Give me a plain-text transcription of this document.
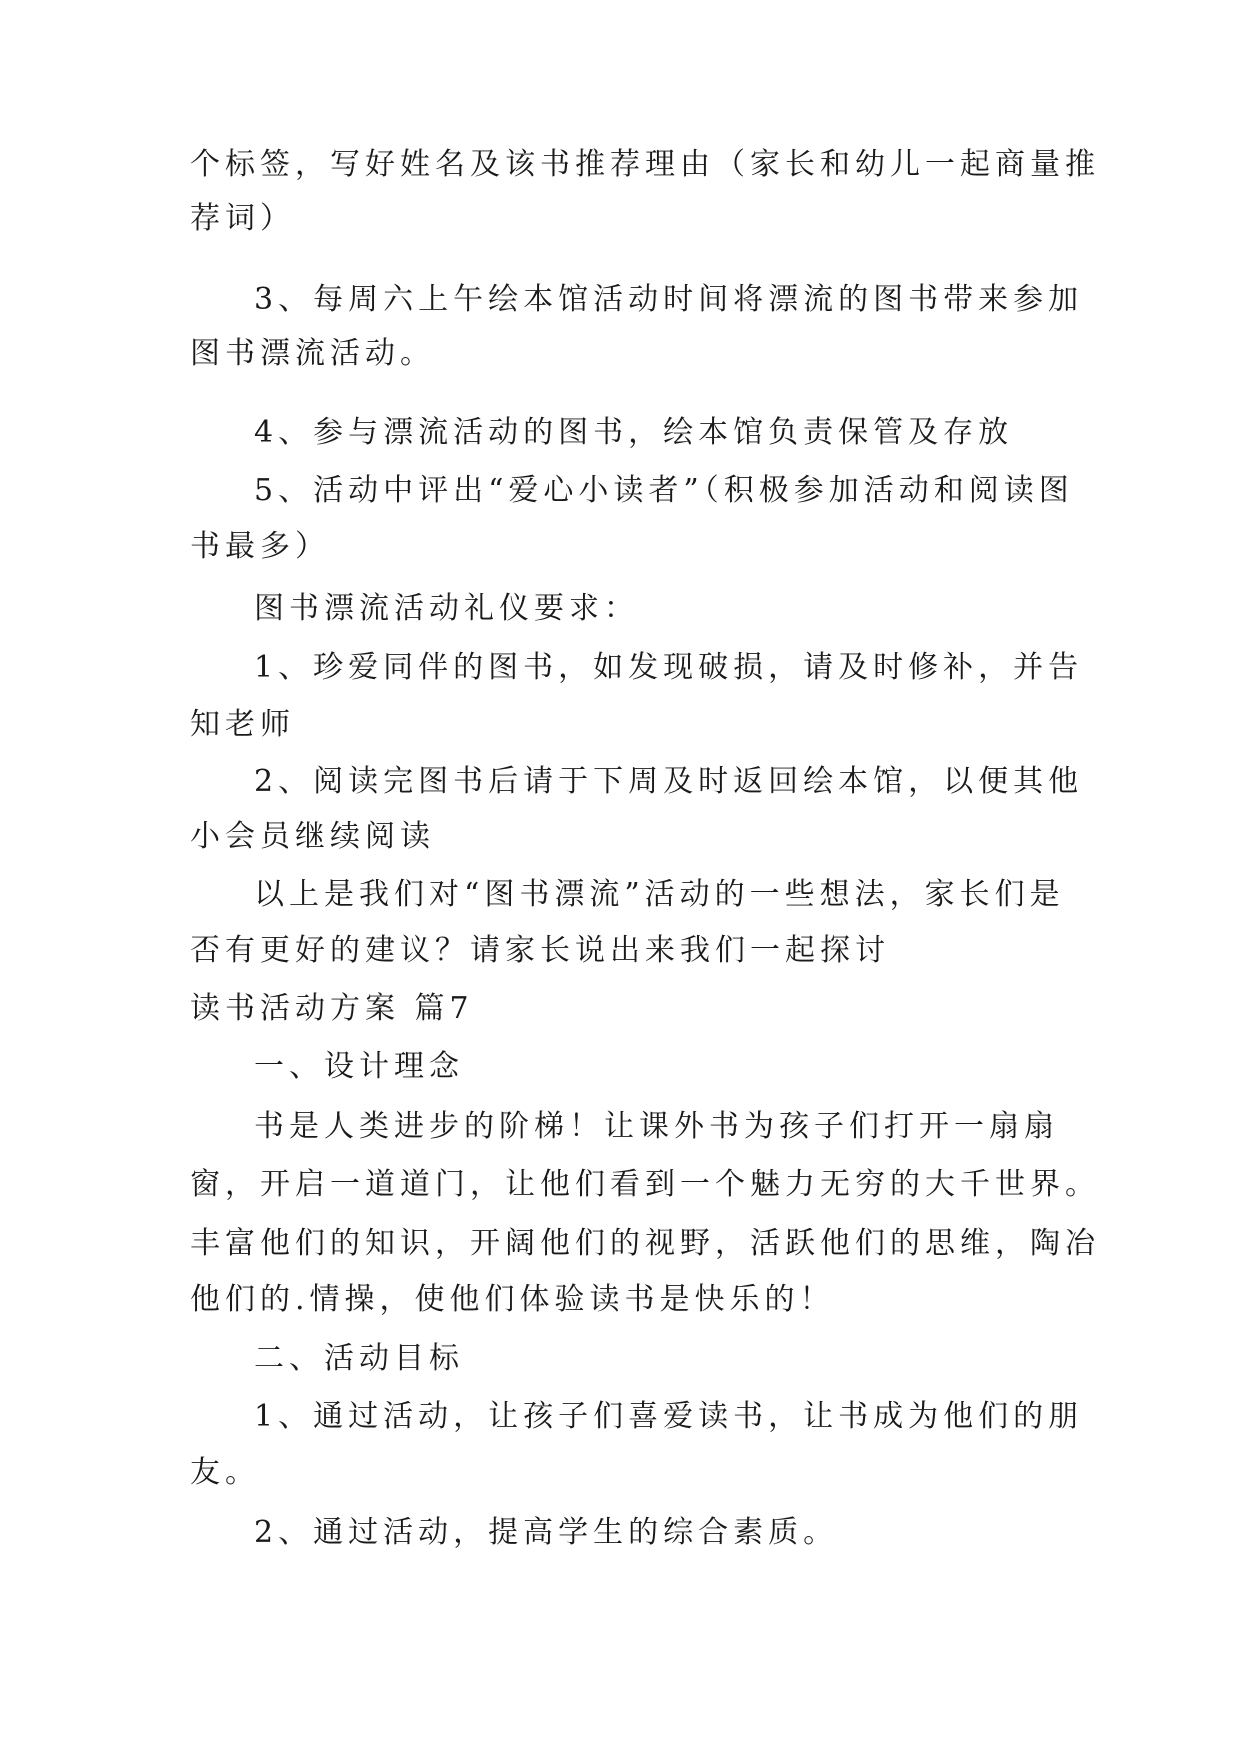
个标签，写好姓名及该书推荐理由（家长和幼儿一起商量推
荐词）
3、每周六上午绘本馆活动时间将漂流的图书带来参加
图书漂流活动。
4、参与漂流活动的图书，绘本馆负责保管及存放
5、活动中评出“爱心小读者”（积极参加活动和阅读图
书最多）
图书漂流活动礼仪要求：
1、珍爱同伴的图书，如发现破损，请及时修补，并告
知老师
2、阅读完图书后请于下周及时返回绘本馆，以便其他
小会员继续阅读
以上是我们对“图书漂流”活动的一些想法，家长们是
否有更好的建议？请家长说出来我们一起探讨
读书活动方案 篇7
一、设计理念
书是人类进步的阶梯！让课外书为孩子们打开一扇扇
窗，开启一道道门，让他们看到一个魅力无穷的大千世界。
丰富他们的知识，开阔他们的视野，活跃他们的思维，陶冶
他们的.情操，使他们体验读书是快乐的！
二、活动目标
1、通过活动，让孩子们喜爱读书，让书成为他们的朋
友。
2、通过活动，提高学生的综合素质。
